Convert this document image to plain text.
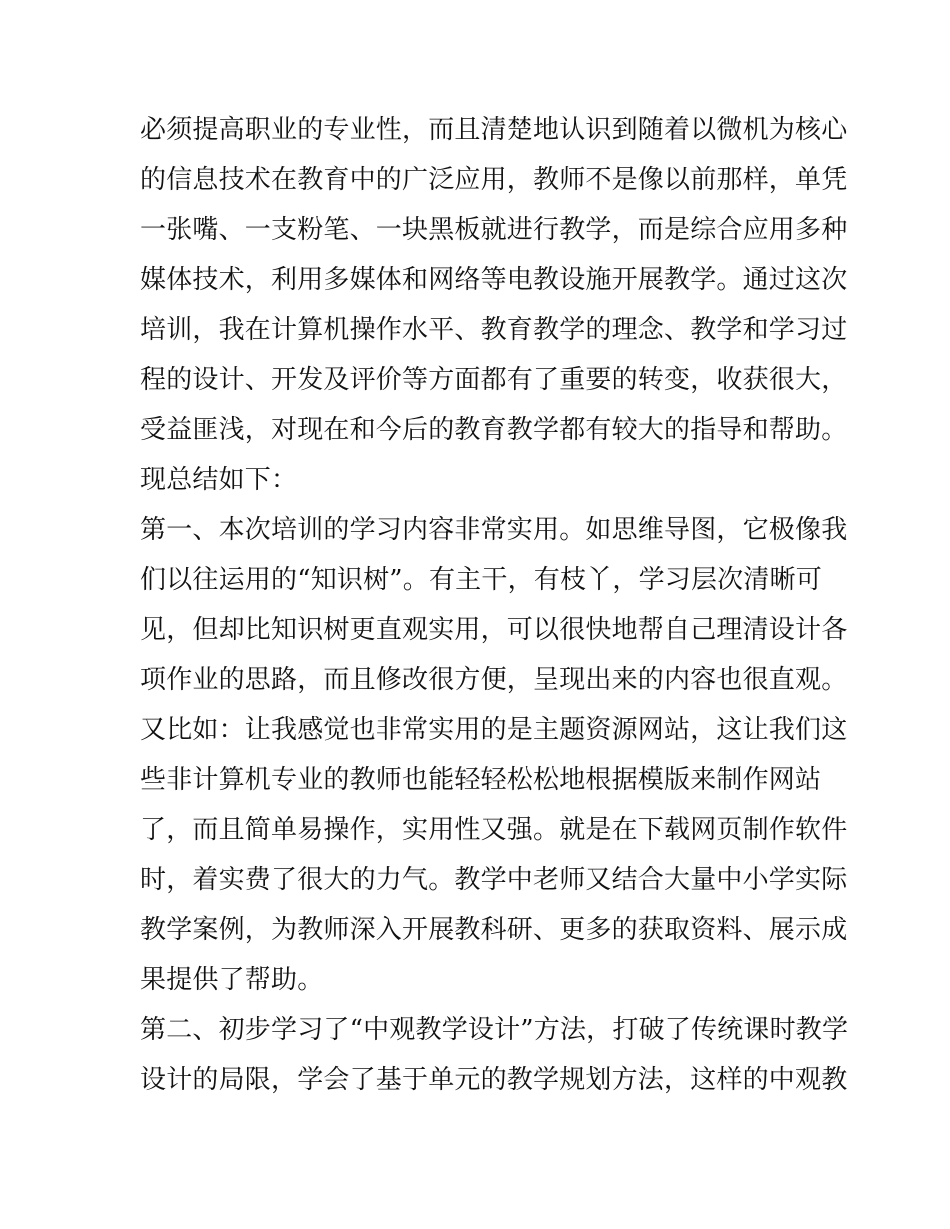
必须提高职业的专业性，而且清楚地认识到随着以微机为核心
的信息技术在教育中的广泛应用，教师不是像以前那样，单凭
一张嘴、一支粉笔、一块黑板就进行教学，而是综合应用多种
媒体技术，利用多媒体和网络等电教设施开展教学。通过这次
培训，我在计算机操作水平、教育教学的理念、教学和学习过
程的设计、开发及评价等方面都有了重要的转变，收获很大，
受益匪浅，对现在和今后的教育教学都有较大的指导和帮助。
现总结如下：
第一、本次培训的学习内容非常实用。如思维导图，它极像我
们以往运用的“知识树”。有主干，有枝丫，学习层次清晰可
见，但却比知识树更直观实用，可以很快地帮自己理清设计各
项作业的思路，而且修改很方便，呈现出来的内容也很直观。
又比如：让我感觉也非常实用的是主题资源网站，这让我们这
些非计算机专业的教师也能轻轻松松地根据模版来制作网站
了，而且简单易操作，实用性又强。就是在下载网页制作软件
时，着实费了很大的力气。教学中老师又结合大量中小学实际
教学案例，为教师深入开展教科研、更多的获取资料、展示成
果提供了帮助。
第二、初步学习了“中观教学设计”方法，打破了传统课时教学
设计的局限，学会了基于单元的教学规划方法，这样的中观教
